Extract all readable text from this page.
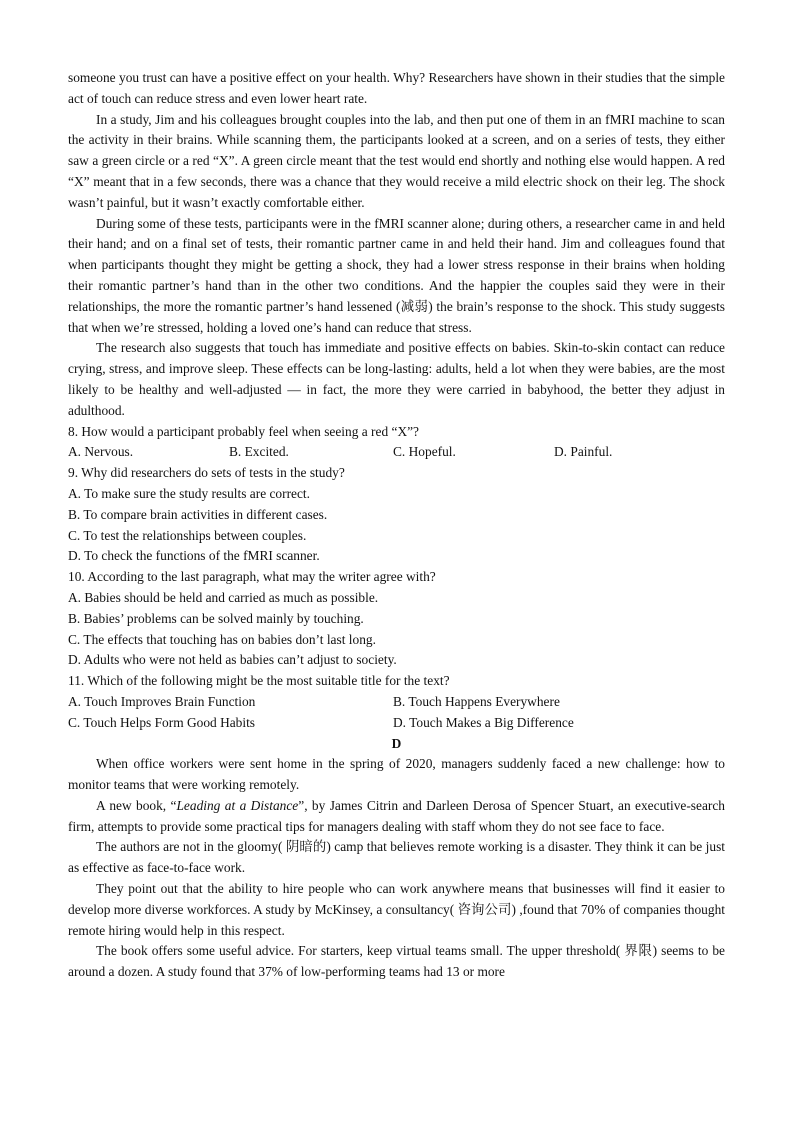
someone you trust can have a positive effect on your health. Why? Researchers have shown in their studies that the simple act of touch can reduce stress and even lower heart rate.

In a study, Jim and his colleagues brought couples into the lab, and then put one of them in an fMRI machine to scan the activity in their brains. While scanning them, the participants looked at a screen, and on a series of tests, they either saw a green circle or a red “X”. A green circle meant that the test would end shortly and nothing else would happen. A red “X” meant that in a few seconds, there was a chance that they would receive a mild electric shock on their leg. The shock wasn’t painful, but it wasn’t exactly comfortable either.

During some of these tests, participants were in the fMRI scanner alone; during others, a researcher came in and held their hand; and on a final set of tests, their romantic partner came in and held their hand. Jim and colleagues found that when participants thought they might be getting a shock, they had a lower stress response in their brains when holding their romantic partner’s hand than in the other two conditions. And the happier the couples said they were in their relationships, the more the romantic partner’s hand lessened (减弱) the brain’s response to the shock. This study suggests that when we’re stressed, holding a loved one’s hand can reduce that stress.

The research also suggests that touch has immediate and positive effects on babies. Skin-to-skin contact can reduce crying, stress, and improve sleep. These effects can be long-lasting: adults, held a lot when they were babies, are the most likely to be healthy and well-adjusted — in fact, the more they were carried in babyhood, the better they adjust in adulthood.

8. How would a participant probably feel when seeing a red “X”?

A. Nervous.	B. Excited.	C. Hopeful.	D. Painful.

9. Why did researchers do sets of tests in the study?

A. To make sure the study results are correct.

B. To compare brain activities in different cases.

C. To test the relationships between couples.

D. To check the functions of the fMRI scanner.

10. According to the last paragraph, what may the writer agree with?

A. Babies should be held and carried as much as possible.

B. Babies’ problems can be solved mainly by touching.

C. The effects that touching has on babies don’t last long.

D. Adults who were not held as babies can’t adjust to society.

11. Which of the following might be the most suitable title for the text?

A. Touch Improves Brain Function	B. Touch Happens Everywhere
C. Touch Helps Form Good Habits	D. Touch Makes a Big Difference

D

When office workers were sent home in the spring of 2020, managers suddenly faced a new challenge: how to monitor teams that were working remotely.

A new book, “Leading at a Distance”, by James Citrin and Darleen Derosa of Spencer Stuart, an executive-search firm, attempts to provide some practical tips for managers dealing with staff whom they do not see face to face.

The authors are not in the gloomy( 阴暗的) camp that believes remote working is a disaster. They think it can be just as effective as face-to-face work.

They point out that the ability to hire people who can work anywhere means that businesses will find it easier to develop more diverse workforces. A study by McKinsey, a consultancy( 咨询公司) ,found that 70% of companies thought remote hiring would help in this respect.

The book offers some useful advice. For starters, keep virtual teams small. The upper threshold( 界限) seems to be around a dozen. A study found that 37% of low-performing teams had 13 or more
